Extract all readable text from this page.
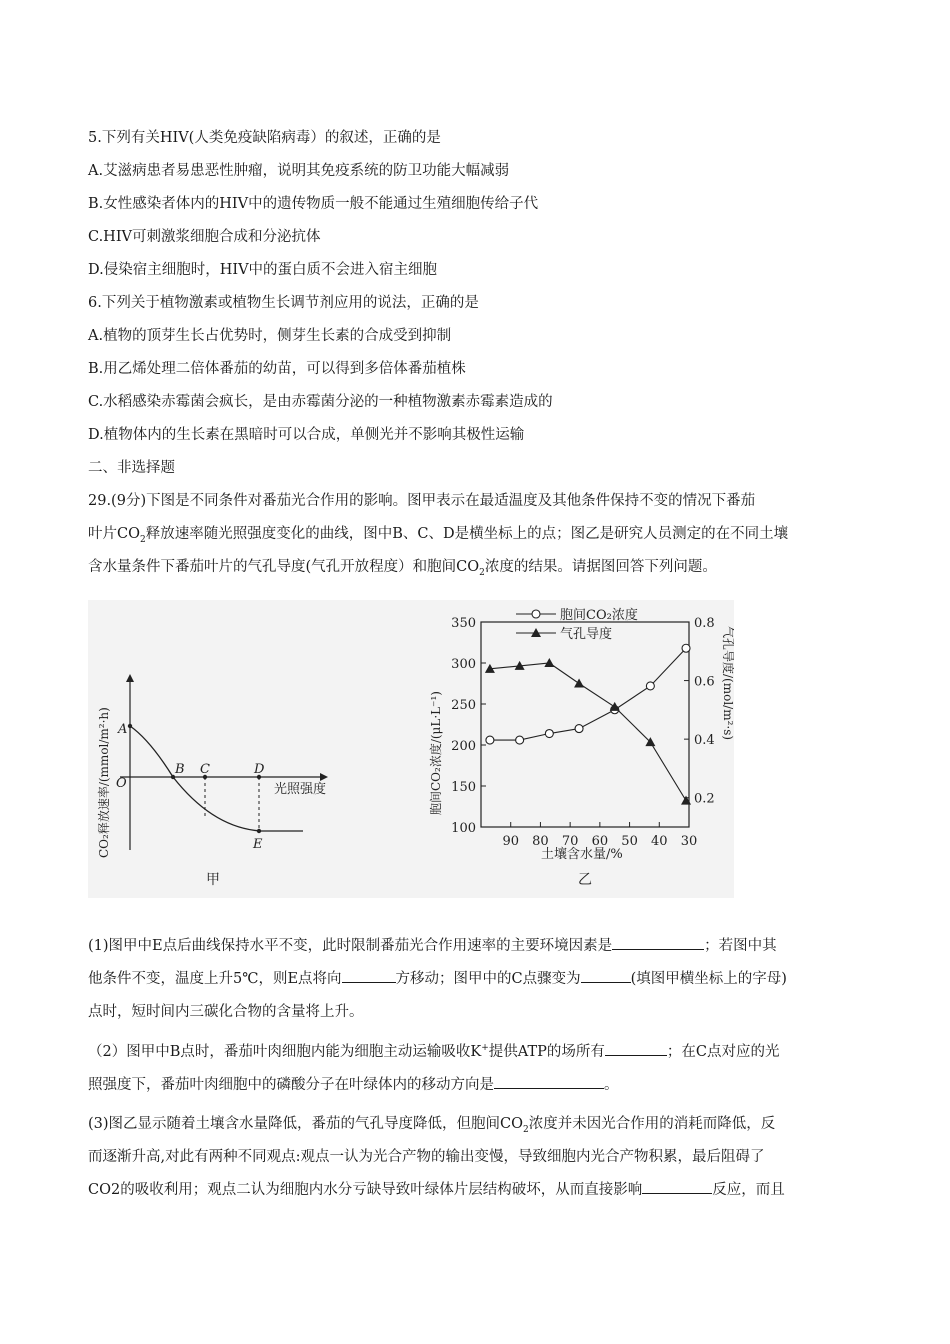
5.下列有关HIV(人类免疫缺陷病毒）的叙述，正确的是
A.艾滋病患者易患恶性肿瘤，说明其免疫系统的防卫功能大幅减弱
B.女性感染者体内的HIV中的遗传物质一般不能通过生殖细胞传给子代
C.HIV可刺激浆细胞合成和分泌抗体
D.侵染宿主细胞时，HIV中的蛋白质不会进入宿主细胞
6.下列关于植物激素或植物生长调节剂应用的说法，正确的是
A.植物的顶芽生长占优势时，侧芽生长素的合成受到抑制
B.用乙烯处理二倍体番茄的幼苗，可以得到多倍体番茄植株
C.水稻感染赤霉菌会疯长，是由赤霉菌分泌的一种植物激素赤霉素造成的
D.植物体内的生长素在黑暗时可以合成，单侧光并不影响其极性运输
二、非选择题
29.(9分)下图是不同条件对番茄光合作用的影响。图甲表示在最适温度及其他条件保持不变的情况下番茄
叶片$CO_2$释放速率随光照强度变化的曲线，图中B、C、D是横坐标上的点；图乙是研究人员测定的在不同土壤
含水量条件下番茄叶片的气孔导度(气孔开放程度）和胞间$CO_2$浓度的结果。请据图回答下列问题。
A
O
B C	D
E
光照强度
CO₂释放速率/(mmol/m²·h)
甲
100
150
200
250
300
350
0.2
0.4
0.6
0.8
90 80 70 60 50 40 30
胞间CO₂浓度
气孔导度
胞间CO₂浓度/(μL·L⁻¹)
气孔导度/(mol/m²·s)
土壤含水量/%
乙
(1)图甲中E点后曲线保持水平不变，此时限制番茄光合作用速率的主要环境因素是	；若图中其
他条件不变，温度上升5℃，则E点将向	方移动；图甲中的C点骤变为	(填图甲横坐标上的字母)
点时，短时间内三碳化合物的含量将上升。
（2）图甲中B点时，番茄叶肉细胞内能为细胞主动运输吸收K+提供ATP的场所有	；在C点对应的光
照强度下，番茄叶肉细胞中的磷酸分子在叶绿体内的移动方向是	。
(3)图乙显示随着土壤含水量降低，番茄的气孔导度降低，但胞间$CO_2$浓度并未因光合作用的消耗而降低，反
而逐渐升高,对此有两种不同观点:观点一认为光合产物的输出变慢，导致细胞内光合产物积累，最后阻碍了
CO2的吸收利用；观点二认为细胞内水分亏缺导致叶绿体片层结构破坏，从而直接影响	反应，而且
